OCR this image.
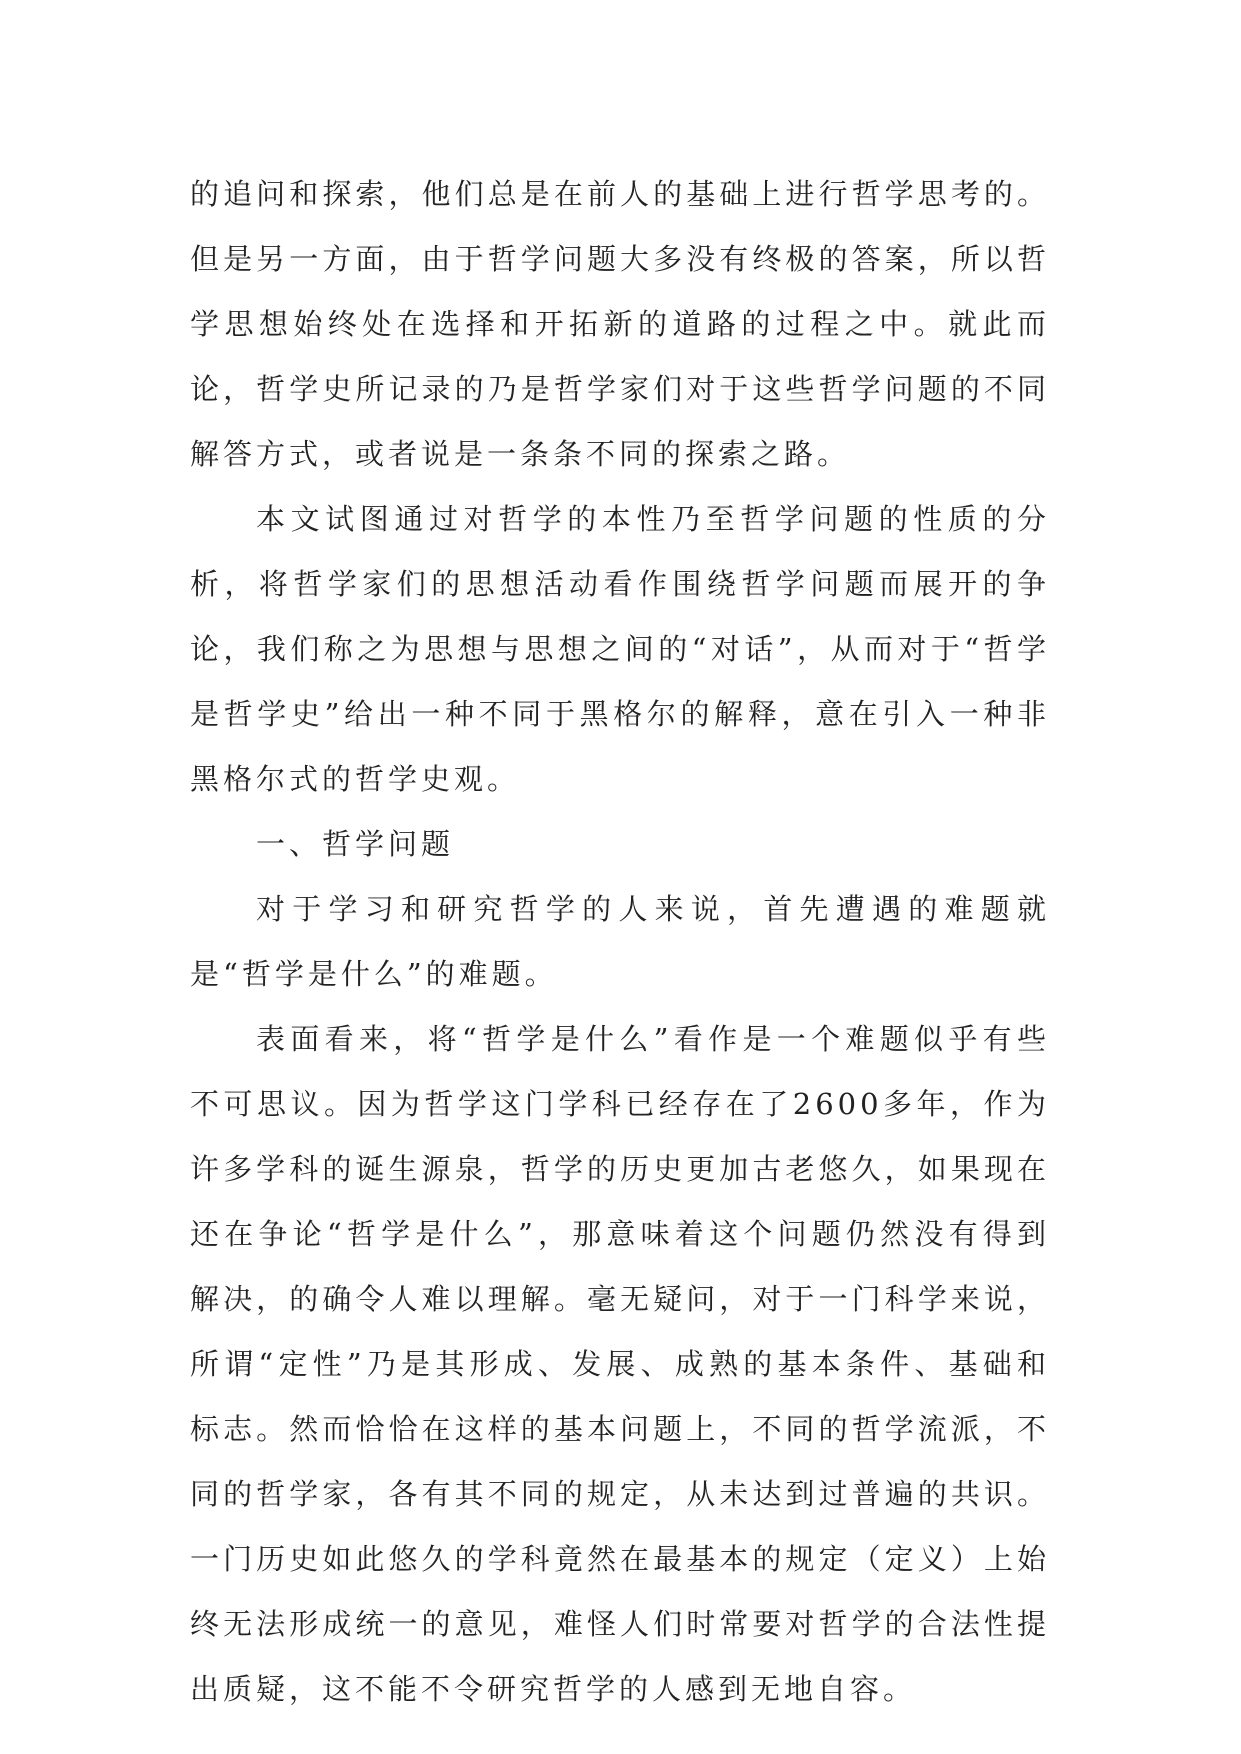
的追问和探索，他们总是在前人的基础上进行哲学思考的。但是另一方面，由于哲学问题大多没有终极的答案，所以哲学思想始终处在选择和开拓新的道路的过程之中。就此而论，哲学史所记录的乃是哲学家们对于这些哲学问题的不同解答方式，或者说是一条条不同的探索之路。

本文试图通过对哲学的本性乃至哲学问题的性质的分析，将哲学家们的思想活动看作围绕哲学问题而展开的争论，我们称之为思想与思想之间的“对话”，从而对于“哲学是哲学史”给出一种不同于黑格尔的解释，意在引入一种非黑格尔式的哲学史观。

一、哲学问题

对于学习和研究哲学的人来说，首先遭遇的难题就是“哲学是什么”的难题。

表面看来，将“哲学是什么”看作是一个难题似乎有些不可思议。因为哲学这门学科已经存在了2600多年，作为许多学科的诞生源泉，哲学的历史更加古老悠久，如果现在还在争论“哲学是什么”，那意味着这个问题仍然没有得到解决，的确令人难以理解。毫无疑问，对于一门科学来说，所谓“定性”乃是其形成、发展、成熟的基本条件、基础和标志。然而恰恰在这样的基本问题上，不同的哲学流派，不同的哲学家，各有其不同的规定，从未达到过普遍的共识。一门历史如此悠久的学科竟然在最基本的规定（定义）上始终无法形成统一的意见，难怪人们时常要对哲学的合法性提出质疑，这不能不令研究哲学的人感到无地自容。
